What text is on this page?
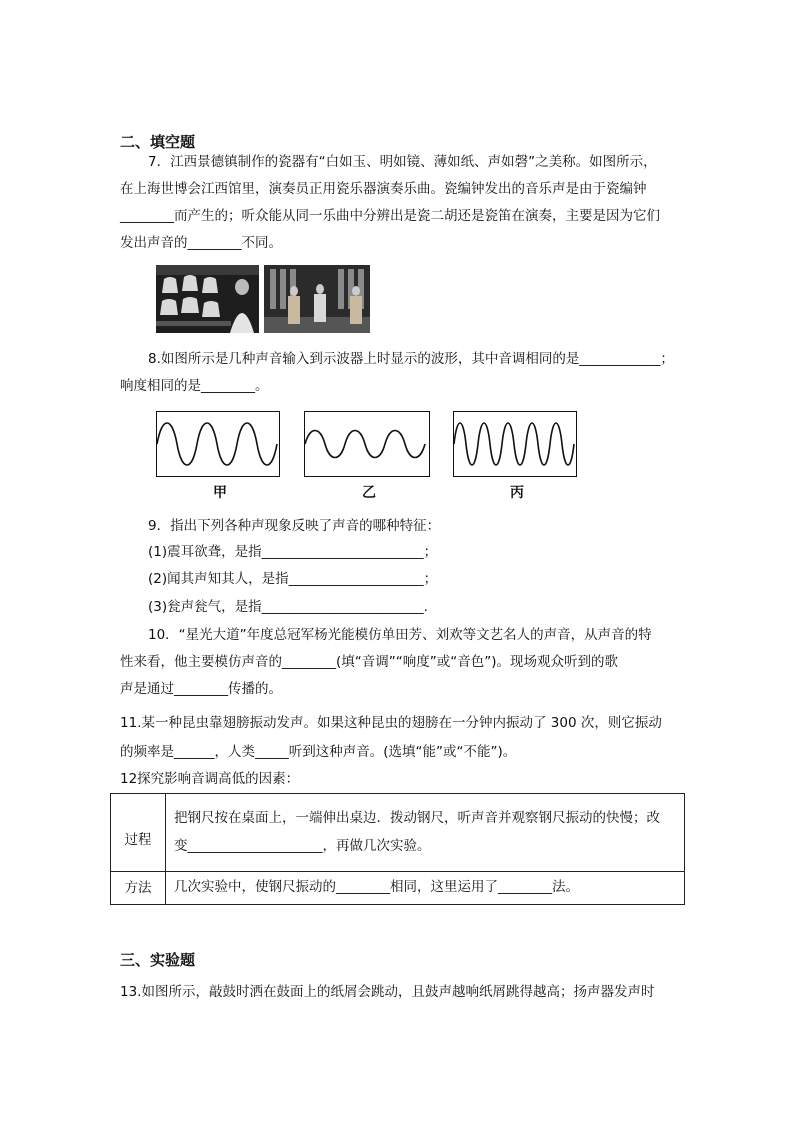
二、填空题
7．江西景德镇制作的瓷器有“白如玉、明如镜、薄如纸、声如磬”之美称。如图所示，
在上海世博会江西馆里，演奏员正用瓷乐器演奏乐曲。瓷编钟发出的音乐声是由于瓷编钟
________而产生的；听众能从同一乐曲中分辨出是瓷二胡还是瓷笛在演奏，主要是因为它们
发出声音的________不同。
8.如图所示是几种声音输入到示波器上时显示的波形，其中音调相同的是____________；
响度相同的是________。
甲	乙	丙
9．指出下列各种声现象反映了声音的哪种特征：
(1)震耳欲聋，是指________________________；
(2)闻其声知其人，是指____________________；
(3)瓮声瓮气，是指________________________.
10．“星光大道”年度总冠军杨光能模仿单田芳、刘欢等文艺名人的声音，从声音的特
性来看，他主要模仿声音的________(填“音调”“响度”或“音色”)。现场观众听到的歌
声是通过________传播的。
11.某一种昆虫靠翅膀振动发声。如果这种昆虫的翅膀在一分钟内振动了 300 次，则它振动
的频率是______，人类_____听到这种声音。(选填“能”或“不能”)。
12探究影响音调高低的因素：
过程	把钢尺按在桌面上，一端伸出桌边．拨动钢尺，听声音并观察钢尺振动的快慢；改
变____________________，再做几次实验。

方法	几次实验中，使钢尺振动的________相同，这里运用了________法。
三、实验题
13.如图所示，敲鼓时洒在鼓面上的纸屑会跳动，且鼓声越响纸屑跳得越高；扬声器发声时
